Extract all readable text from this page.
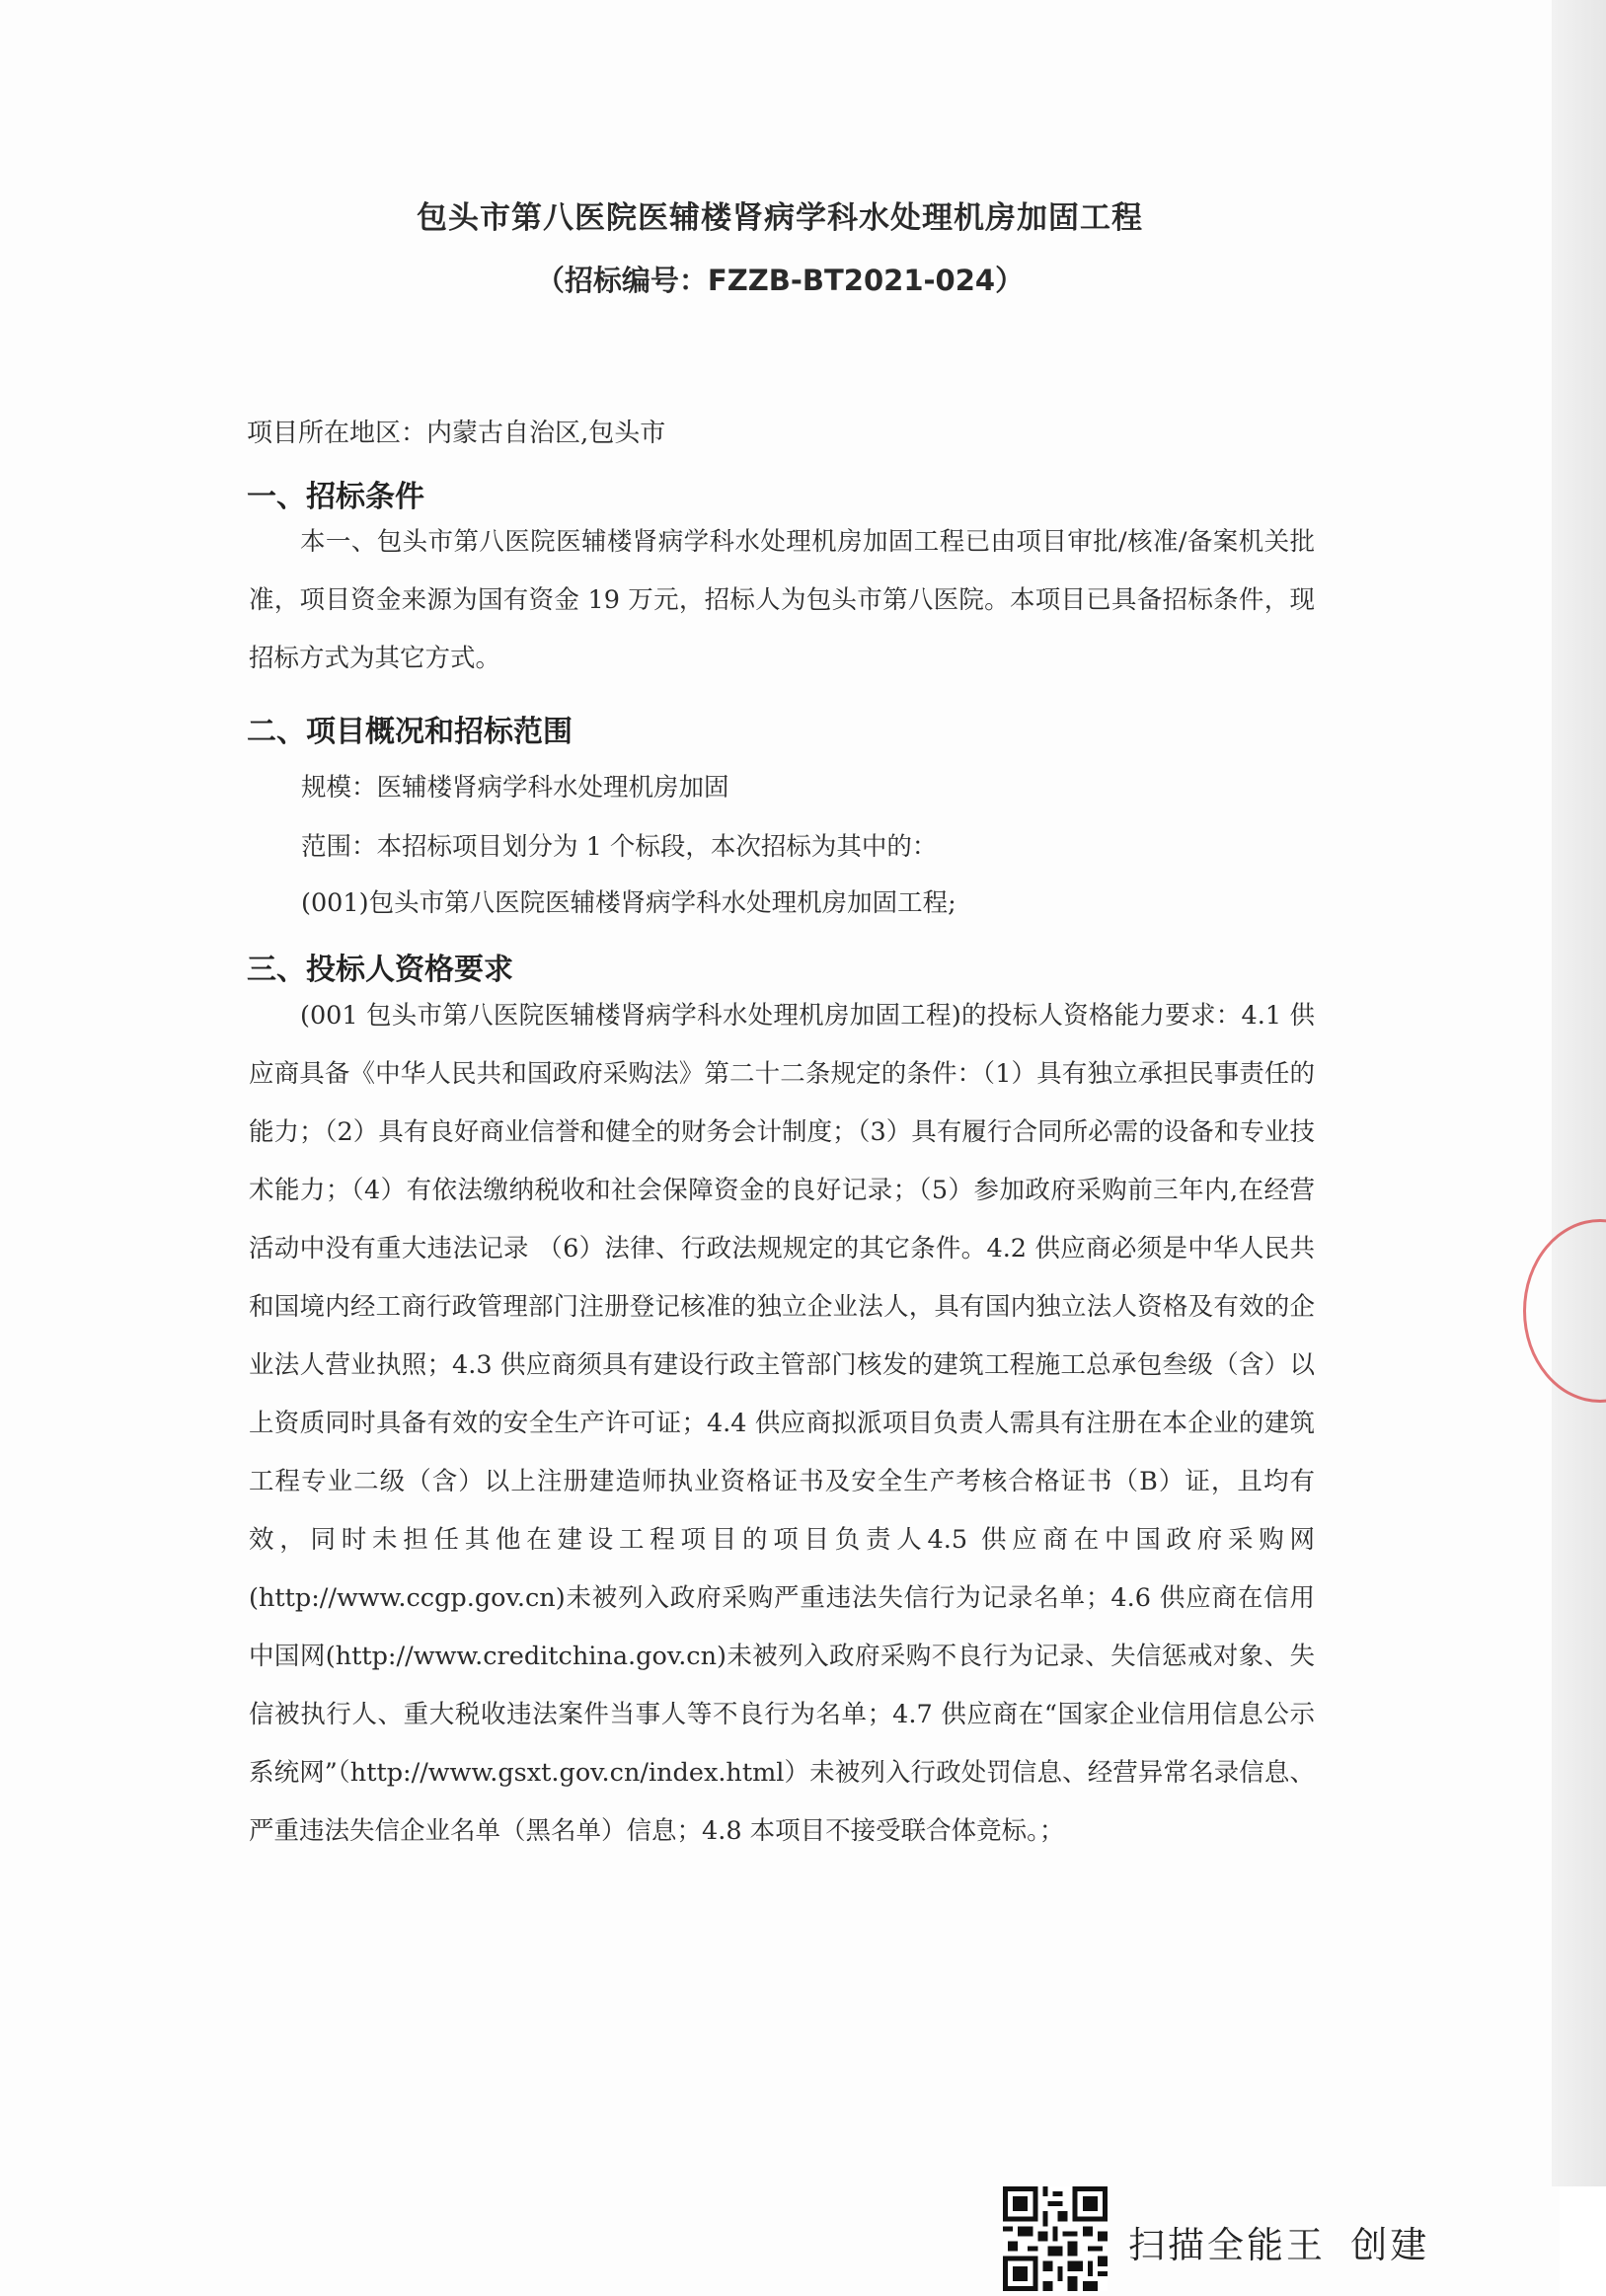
包头市第八医院医辅楼肾病学科水处理机房加固工程
（招标编号：FZZB-BT2021-024）
项目所在地区：内蒙古自治区,包头市
一、招标条件

本一、包头市第八医院医辅楼肾病学科水处理机房加固工程已由项目审批/核准/备案机关批准，项目资金来源为国有资金 19 万元，招标人为包头市第八医院。本项目已具备招标条件，现招标方式为其它方式。

二、项目概况和招标范围
规模：医辅楼肾病学科水处理机房加固
范围：本招标项目划分为 1 个标段，本次招标为其中的：
(001)包头市第八医院医辅楼肾病学科水处理机房加固工程;
三、投标人资格要求

(001 包头市第八医院医辅楼肾病学科水处理机房加固工程)的投标人资格能力要求：4.1 供应商具备《中华人民共和国政府采购法》第二十二条规定的条件：（1）具有独立承担民事责任的能力；（2）具有良好商业信誉和健全的财务会计制度；（3）具有履行合同所必需的设备和专业技术能力；（4）有依法缴纳税收和社会保障资金的良好记录；（5）参加政府采购前三年内,在经营活动中没有重大违法记录 （6）法律、行政法规规定的其它条件。4.2 供应商必须是中华人民共和国境内经工商行政管理部门注册登记核准的独立企业法人，具有国内独立法人资格及有效的企业法人营业执照；4.3 供应商须具有建设行政主管部门核发的建筑工程施工总承包叁级（含）以上资质同时具备有效的安全生产许可证；4.4 供应商拟派项目负责人需具有注册在本企业的建筑工程专业二级（含）以上注册建造师执业资格证书及安全生产考核合格证书（B）证，且均有效，同时未担任其他在建设工程项目的项目负责人4.5 供应商在中国政府采购网(http://www.ccgp.gov.cn)未被列入政府采购严重违法失信行为记录名单；4.6 供应商在信用中国网(http://www.creditchina.gov.cn)未被列入政府采购不良行为记录、失信惩戒对象、失信被执行人、重大税收违法案件当事人等不良行为名单；4.7 供应商在“国家企业信用信息公示系统网”（http://www.gsxt.gov.cn/index.html）未被列入行政处罚信息、经营异常名录信息、严重违法失信企业名单（黑名单）信息；4.8 本项目不接受联合体竞标。；

扫描全能王 创建
